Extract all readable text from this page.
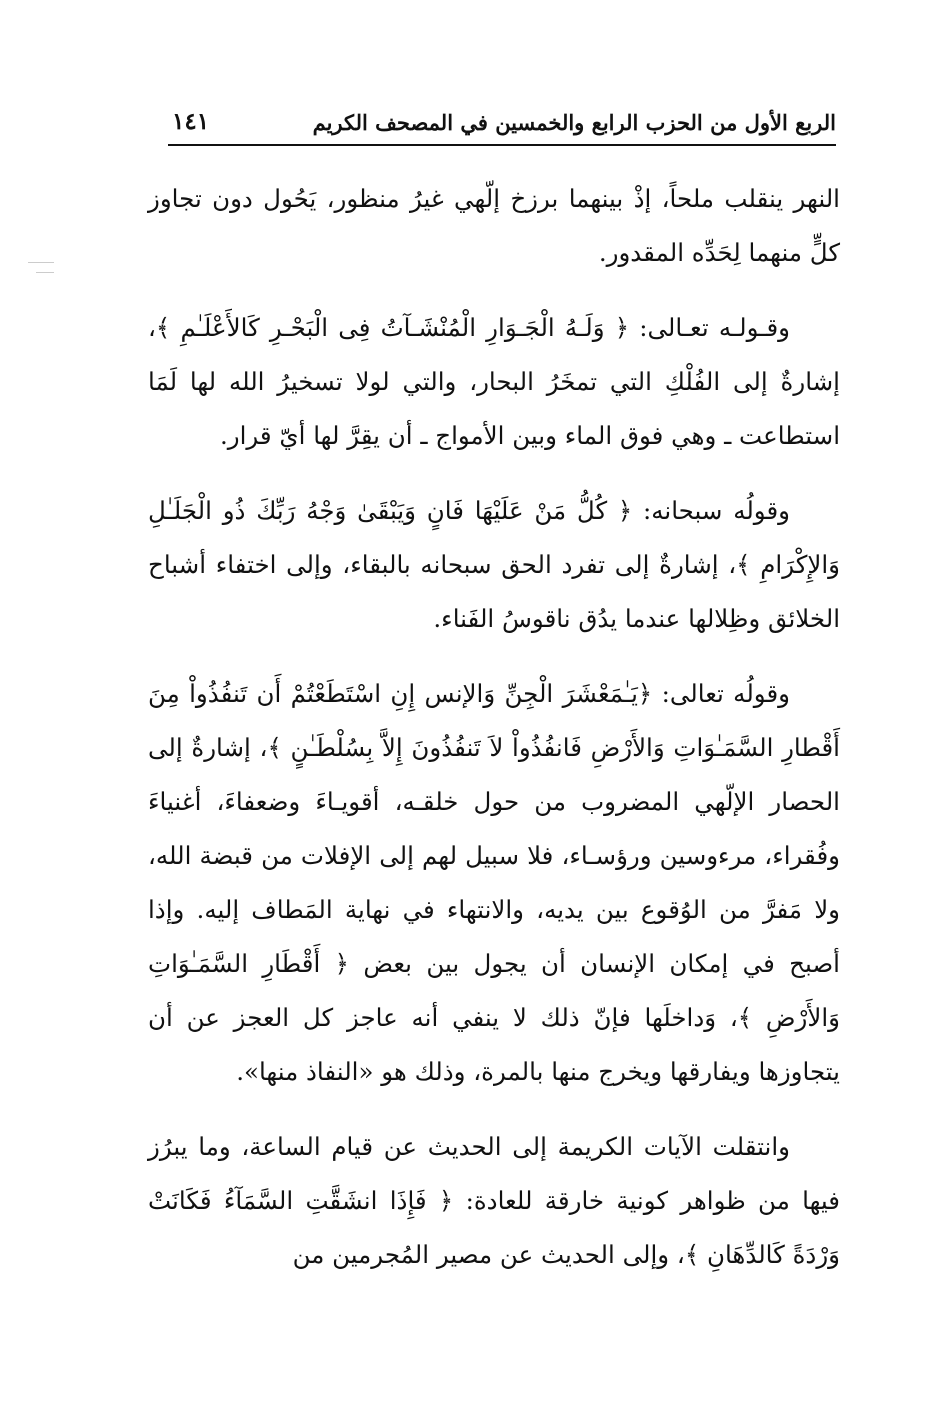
الربع الأول من الحزب الرابع والخمسين في المصحف الكريم
١٤١

النهر ينقلب ملحاً، إذْ بينهما برزخ إلّهي غيرُ منظور، يَحُول دون تجاوز كلٍّ منهما لِحَدِّه المقدور.

وقـولـه تعـالى: ﴿ وَلَـهُ الْجَـوَارِ الْمُنْشَـآتُ فِى الْبَحْـرِ كَالأَعْلَـٰمِ ﴾، إشارةٌ إلى الفُلْكِ التي تمخَرُ البحار، والتي لولا تسخيرُ الله لها لَمَا استطاعت ـ وهي فوق الماء وبين الأمواج ـ أن يقِرَّ لها أيّ قرار.

وقولُه سبحانه: ﴿ كُلُّ مَنْ عَلَيْهَا فَانٍ وَيَبْقَىٰ وَجْهُ رَبِّكَ ذُو الْجَلَـٰلِ وَالإِكْرَامِ ﴾، إشارةٌ إلى تفرد الحق سبحانه بالبقاء، وإلى اختفاء أشباح الخلائق وظِلالها عندما يدُق ناقوسُ الفَناء.

وقولُه تعالى: ﴿يَـٰمَعْشَرَ الْجِنِّ وَالإنس إِنِ اسْتَطَعْتُمْ أَن تَنفُذُواْ مِنَ أَقْطارِ السَّمَـٰوَاتِ وَالأَرْضِ فَانفُذُواْ لاَ تَنفُذُونَ إِلاَّ بِسُلْطَـٰنٍ ﴾، إشارةٌ إلى الحصار الإلّهي المضروب من حول خلقـه، أقويـاءَ وضعفاءَ، أغنياءَ وفُقراء، مرءوسين ورؤسـاء، فلا سبيل لهم إلى الإفلات من قبضة الله، ولا مَفرَّ من الوُقوع بين يديه، والانتهاء في نهاية المَطاف إليه. وإذا أصبح في إمكان الإنسان أن يجول بين بعض ﴿ أَقْطَارِ السَّمَـٰوَاتِ وَالأَرْضِ ﴾، وَداخلَها فإنّ ذلك لا ينفي أنه عاجز كل العجز عن أن يتجاوزها ويفارقها ويخرج منها بالمرة، وذلك هو «النفاذ منها».

وانتقلت الآيات الكريمة إلى الحديث عن قيام الساعة، وما يبرُز فيها من ظواهر كونية خارقة للعادة: ﴿ فَإِذَا انشَقَّتِ السَّمَآءُ فَكَانَتْ وَرْدَةً كَالدِّهَانِ ﴾، وإلى الحديث عن مصير المُجرمين من
